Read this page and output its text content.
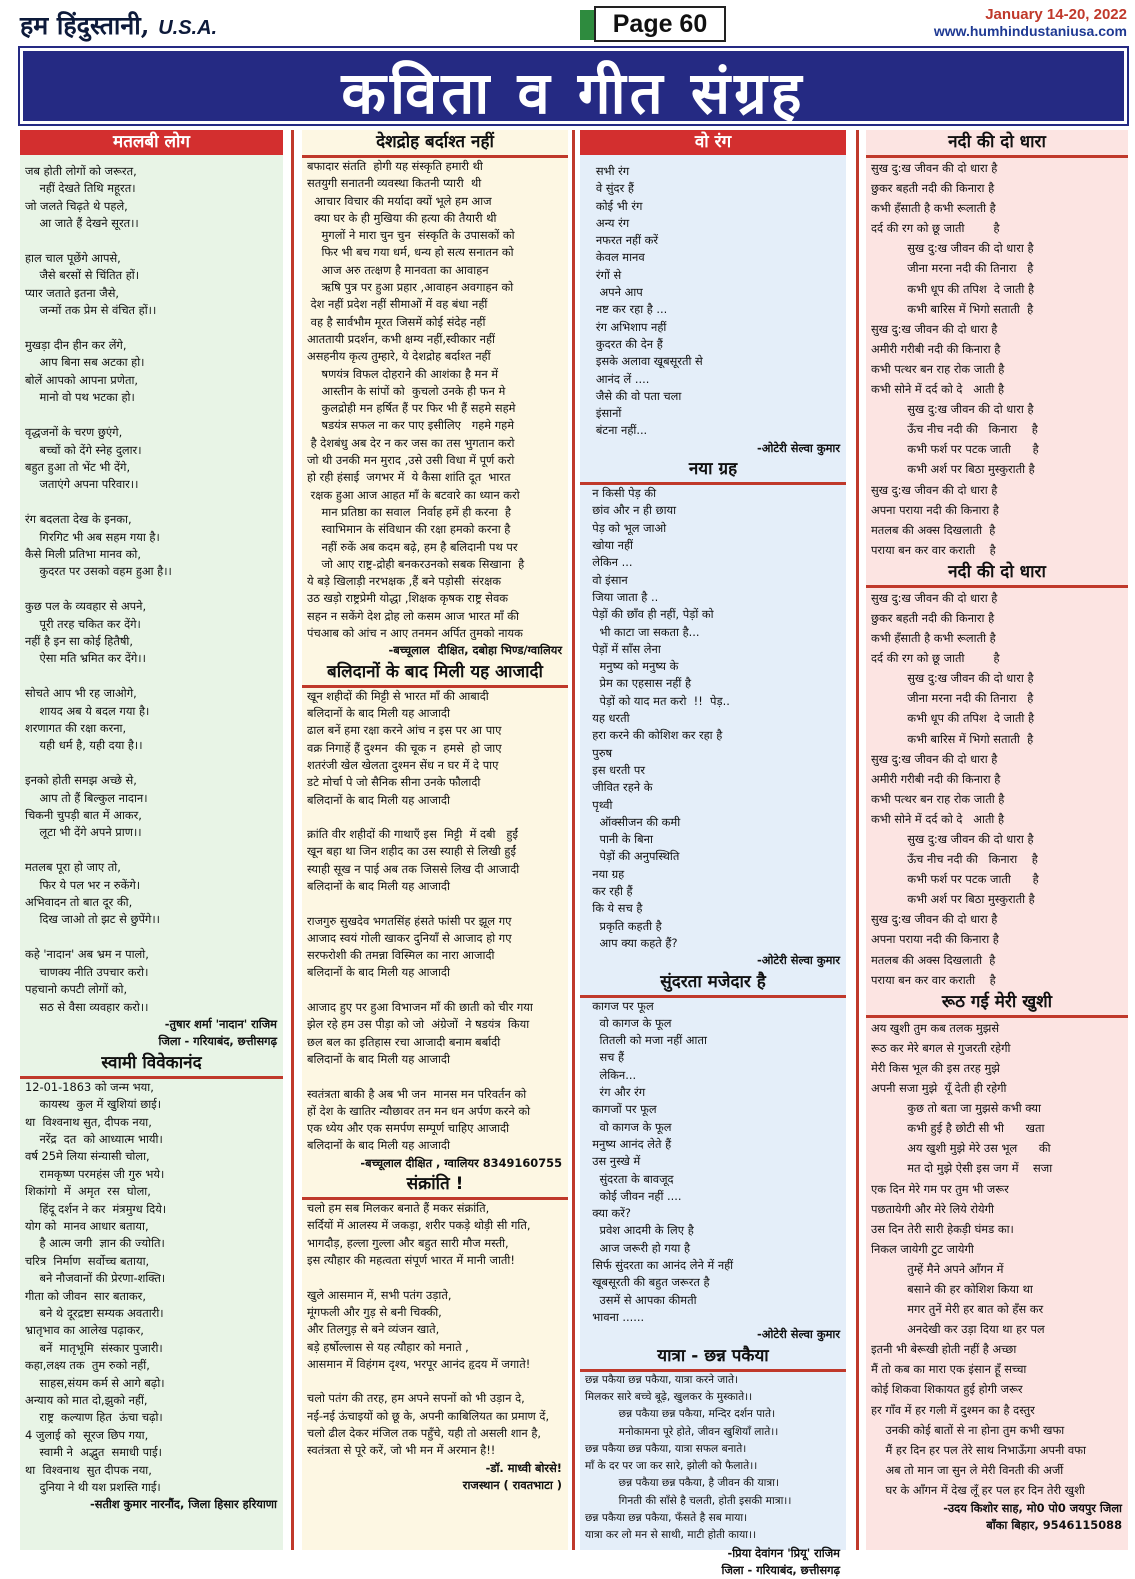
हम हिंदुस्तानी, U.S.A.	Page 60	January 14-20, 2022
www.humhindustaniusa.com
कविता व गीत संग्रह
मतलबी लोग
जब होती लोगों को जरूरत,
नहीं देखते तिथि महूरत।
जो जलते चिढ़ते थे पहले,
आ जाते हैं देखने सूरत।।

हाल चाल पूछेंगे आपसे,
जैसे बरसों से चिंतित हों।
प्यार जताते इतना जैसे,
जन्मों तक प्रेम से वंचित हों।।

मुखड़ा दीन हीन कर लेंगे,
आप बिना सब अटका हो।
बोलें आपको आपना प्रणेता,
मानो वो पथ भटका हो।

वृद्धजनों के चरण छुएंगे,
बच्चों को देंगे स्नेह दुलार।
बहुत हुआ तो भेंट भी देंगे,
जताएंगे अपना परिवार।।

रंग बदलता देख के इनका,
गिरगिट भी अब सहम गया है।
कैसे मिली प्रतिभा मानव को,
कुदरत पर उसको वहम हुआ है।।

कुछ पल के व्यवहार से अपने,
पूरी तरह चकित कर देंगे।
नहीं है इन सा कोई हितैषी,
ऐसा मति भ्रमित कर देंगे।।

सोचते आप भी रह जाओगे,
शायद अब ये बदल गया है।
शरणागत की रक्षा करना,
यही धर्म है, यही दया है।।

इनको होती समझ अच्छे से,
आप तो हैं बिल्कुल नादान।
चिकनी चुपड़ी बात में आकर,
लूटा भी देंगे अपने प्राण।।

मतलब पूरा हो जाए तो,
फिर ये पल भर न रुकेंगे।
अभिवादन तो बात दूर की,
दिख जाओ तो झट से छुपेंगे।।

कहे 'नादान' अब भ्रम न पालो,
चाणक्य नीति उपचार करो।
पहचानो कपटी लोगों को,
सठ से वैसा व्यवहार करो।।
-तुषार शर्मा 'नादान' राजिम
जिला - गरियाबंद, छत्तीसगढ़
स्वामी विवेकानंद
12-01-1863 को जन्म भया,
कायस्थ  कुल में खुशियां छाई।
था  विश्वनाथ सुत, दीपक नया,
नरेंद्र  दत  को आध्यात्म भायी।
वर्ष 25मे लिया संन्यासी चोला,
रामकृष्ण परमहंस जी गुरु भये।
शिकांगो  में  अमृत  रस  घोला,
हिंदू दर्शन ने कर  मंत्रमुग्ध दिये।
योग को  मानव आधार बताया,
है आत्म जगी  ज्ञान की ज्योति।
चरित्र  निर्माण  सर्वोच्च बताया,
बने नौजवानों की प्रेरणा-शक्ति।
गीता को जीवन  सार बताकर,
बने थे दूरद्रष्टा सम्यक अवतारी।
भ्रातृभाव का आलेख पढ़ाकर,
बनें  मातृभूमि  संस्कार पुजारी।
कहा,लक्ष्य तक  तुम रुको नहीं,
साहस,संयम कर्म से आगे बढ़ो।
अन्याय को मात दो,झुको नहीं,
राष्ट्र  कल्याण हित  ऊंचा चढ़ो।
4 जुलाई को  सूरज छिप गया,
स्वामी ने  अद्भुत  समाधी पाई।
था  विश्वनाथ  सुत दीपक नया,
दुनिया ने थी यश प्रशस्ति गाई।
-सतीश कुमार नारनौंद, जिला हिसार हरियाणा
देशद्रोह बर्दाश्त नहीं
बफादार संतति  होगी यह संस्कृति हमारी थी
सतयुगी सनातनी व्यवस्था कितनी प्यारी  थी
आचार विचार की मर्यादा क्यों भूले हम आज
क्या घर के ही मुखिया की हत्या की तैयारी थी
मुगलों ने मारा चुन चुन  संस्कृति के उपासकों को
फिर भी बच गया धर्म, धन्य हो सत्य सनातन को
आज अरु तत्क्षण है मानवता का आवाहन
ऋषि पुत्र पर हुआ प्रहार ,आवाहन अवगाहन को
देश नहीं प्रदेश नहीं सीमाओं में वह बंधा नहीं
वह है सार्वभौम मूरत जिसमें कोई संदेह नहीं
आततायी प्रदर्शन, कभी क्षम्य नहीं,स्वीकार नहीं
असहनीय कृत्य तुम्हारे, ये देशद्रोह बर्दाश्त नहीं
षणयंत्र विफल दोहराने की आशंका है मन में
आस्तीन के सांपों को  कुचलो उनके ही फन मे
कुलद्रोही मन हर्षित हैं पर फिर भी हैं सहमे सहमे
षडयंत्र सफल ना कर पाए इसीलिए   गहमे गहमे
है देशबंधु अब देर न कर जस का तस भुगतान करो
जो थी उनकी मन मुराद ,उसे उसी विधा में पूर्ण करो
हो रही हंसाई  जगभर में  ये कैसा शांति दूत  भारत
रक्षक हुआ आज आहत माँ के बटवारे का ध्यान करो
मान प्रतिष्ठा का सवाल  निर्वाह हमें ही करना  है
स्वाभिमान के संविधान की रक्षा हमको करना है
नहीं रुकें अब कदम बढ़े, हम है बलिदानी पथ पर
जो आए राष्ट्र-द्रोही बनकरउनको सबक सिखाना  है
ये बड़े खिलाड़ी नरभक्षक ,हैं बने पड़ोसी  संरक्षक
उठ खड़ो राष्ट्रप्रेमी योद्धा ,शिक्षक कृषक राष्ट्र सेवक
सहन न सकेंगे देश द्रोह लो कसम आज भारत माँ की
पंचआब को आंच न आए तनमन अर्पित तुमको नायक
-बच्चूलाल  दीक्षित, दबोहा भिण्ड/ग्वालियर
बलिदानों के बाद मिली यह आजादी
खून शहीदों की मिट्टी से भारत माँ की आबादी
बलिदानों के बाद मिली यह आजादी
ढाल बनें हमा रक्षा करने आंच न इस पर आ पाए
वक्र निगाहें हैं दुश्मन  की चूक न  हमसे  हो जाए
शतरंजी खेल खेलता दुश्मन सेंध न घर में दे पाए
डटे मोर्चा पे जो सैनिक सीना उनके फौलादी
बलिदानों के बाद मिली यह आजादी

क्रांति वीर शहीदों की गाथाएँ इस  मिट्टी  में दबी   हुईं
खून बहा था जिन शहीद का उस स्याही से लिखी हुईं
स्याही सूख न पाई अब तक जिससे लिख दी आजादी
बलिदानों के बाद मिली यह आजादी

राजगुरु सुखदेव भगतसिंह हंसते फांसी पर झूल गए
आजाद स्वयं गोली खाकर दुनियाँ से आजाद हो गए
सरफरोशी की तमन्ना विस्मिल का नारा आजादी
बलिदानों के बाद मिली यह आजादी

आजाद हुए पर हुआ विभाजन माँ की छाती को चीर गया
झेल रहे हम उस पीड़ा को जो  अंग्रेजों  ने षडयंत्र  किया
छल बल का इतिहास रचा आजादी बनाम बर्बादी
बलिदानों के बाद मिली यह आजादी

स्वतंत्रता बाकी है अब भी जन  मानस मन परिवर्तन को
हों देश के खातिर न्यौछावर तन मन धन अर्पण करने को
एक ध्येय और एक समर्पण सम्पूर्ण चाहिए आजादी
बलिदानों के बाद मिली यह आजादी
-बच्चूलाल दीक्षित , ग्वालियर 8349160755
संक्रांति !
चलो हम सब मिलकर बनाते हैं मकर संक्रांति,
सर्दियों में आलस्य में जकड़ा, शरीर पकड़े थोड़ी सी गति,
भागदौड़, हल्ला गुल्ला और बहुत सारी मौज मस्ती,
इस त्यौहार की महत्वता संपूर्ण भारत में मानी जाती!

खुले आसमान में, सभी पतंग उड़ाते,
मूंगफली और गुड़ से बनी चिक्की,
और तिलगुड़ से बने व्यंजन खाते,
बड़े हर्षोल्लास से यह त्यौहार को मनाते ,
आसमान में विहंगम दृश्य, भरपूर आनंद हृदय में जगाते!

चलो पतंग की तरह, हम अपने सपनों को भी उड़ान दे,
नई-नई ऊंचाइयों को छू के, अपनी काबिलियत का प्रमाण दें,
चलो ढील देकर मंजिल तक पहुँचे, यही तो असली शान है,
स्वतंत्रता से पूरे करें, जो भी मन में अरमान है!!
-डॉ. माध्वी बोरसे!
राजस्थान ( रावतभाटा )
वो रंग
सभी रंग
वे सुंदर हैं
कोई भी रंग
अन्य रंग
नफरत नहीं करें
केवल मानव
रंगों से
अपने आप
नष्ट कर रहा है ...
रंग अभिशाप नहीं
कुदरत की देन हैं
इसके अलावा खूबसूरती से
आनंद लें ....
जैसे की वो पता चला
इंसानों
बंटना नहीं...
-ओटेरी सेल्वा कुमार
नया ग्रह
न किसी पेड़ की
छांव और न ही छाया
पेड़ को भूल जाओ
खोया नहीं
लेकिन ...
वो इंसान
जिया जाता है ..
पेड़ों की छाँव ही नहीं, पेड़ों को
भी काटा जा सकता है...
पेड़ों में साँस लेना
मनुष्य को मनुष्य के
प्रेम का एहसास नहीं है
पेड़ों को याद मत करो  !!  पेड़..
यह धरती
हरा करने की कोशिश कर रहा है
पुरुष
इस धरती पर
जीवित रहने के
पृथ्वी
ऑक्सीजन की कमी
पानी के बिना
पेड़ों की अनुपस्थिति
नया ग्रह
कर रही हैं
कि ये सच है
प्रकृति कहती है
आप क्या कहते हैं?
-ओटेरी सेल्वा कुमार
सुंदरता मजेदार है
कागज पर फूल
वो कागज के फूल
तितली को मजा नहीं आता
सच हैं
लेकिन...
रंग और रंग
कागजों पर फूल
वो कागज के फूल
मनुष्य आनंद लेते हैं
उस नुस्खे में
सुंदरता के बावजूद
कोई जीवन नहीं ....
क्या करें?
प्रवेश आदमी के लिए है
आज जरूरी हो गया है
सिर्फ सुंदरता का आनंद लेने में नहीं
खूबसूरती की बहुत जरूरत है
उसमें से आपका कीमती
भावना ......
-ओटेरी सेल्वा कुमार
यात्रा - छन्न पकैया
छन्न पकैया छन्न पकैया, यात्रा करने जाते।
मिलकर सारे बच्चे बूढ़े, खुलकर के मुस्काते।।
छन्न पकैया छन्न पकैया, मन्दिर दर्शन पाते।
मनोकामना पूरे होते, जीवन खुशियाँ लाते।।
छन्न पकैया छन्न पकैया, यात्रा सफल बनाते।
माँ के दर पर जा कर सारे, झोली को फैलाते।।
छन्न पकैया छन्न पकैया, है जीवन की यात्रा।
गिनती की साँसे है चलती, होती इसकी मात्रा।।
छन्न पकैया छन्न पकैया, फँसते है सब माया।
यात्रा कर लो मन से साथी, माटी होती काया।।
-प्रिया देवांगन 'प्रियू' राजिम
जिला - गरियाबंद, छत्तीसगढ़
नदी की दो धारा
सुख दु:ख जीवन की दो धारा है
छुकर बहती नदी की किनारा है
कभी हँसाती है कभी रूलाती है
दर्द की रग को छू जाती        है
सुख दु:ख जीवन की दो धारा है
जीना मरना नदी की तिनारा   है
कभी धूप की तपिश  दे जाती है
कभी बारिस में भिगो सताती  है
सुख दु:ख जीवन की दो धारा है
अमीरी गरीबी नदी की किनारा है
कभी पत्थर बन राह रोक जाती है
कभी सोने में दर्द को दे   आती है
सुख दु:ख जीवन की दो धारा है
ऊँच नीच नदी की   किनारा    है
कभी फर्श पर पटक जाती      है
कभी अर्श पर बिठा मुस्कुराती है
सुख दु:ख जीवन की दो धारा है
अपना पराया नदी की किनारा है
मतलब की अक्स दिखलाती  है
पराया बन कर वार कराती    है
नदी की दो धारा
सुख दु:ख जीवन की दो धारा है
छुकर बहती नदी की किनारा है
कभी हँसाती है कभी रूलाती है
दर्द की रग को छू जाती        है
सुख दु:ख जीवन की दो धारा है
जीना मरना नदी की तिनारा   है
कभी धूप की तपिश  दे जाती है
कभी बारिस में भिगो सताती  है
सुख दु:ख जीवन की दो धारा है
अमीरी गरीबी नदी की किनारा है
कभी पत्थर बन राह रोक जाती है
कभी सोने में दर्द को दे   आती है
सुख दु:ख जीवन की दो धारा है
ऊँच नीच नदी की   किनारा    है
कभी फर्श पर पटक जाती      है
कभी अर्श पर बिठा मुस्कुराती है
सुख दु:ख जीवन की दो धारा है
अपना पराया नदी की किनारा है
मतलब की अक्स दिखलाती  है
पराया बन कर वार कराती    है
रूठ गई मेरी खुशी
अय खुशी तुम कब तलक मुझसे
रूठ कर मेरे बगल से गुजरती रहेगी
मेरी किस भूल की इस तरह मुझे
अपनी सजा मुझे  यूँ देती ही रहेगी
कुछ तो बता जा मुझसे कभी क्या
कभी हुई है छोटी सी भी      खता
अय खुशी मुझे मेरे उस भूल      की
मत दो मुझे ऐसी इस जग में    सजा
एक दिन मेरे गम पर तुम भी जरूर
पछतायेगी और मेरे लिये रोयेगी
उस दिन तेरी सारी हेकड़ी घंमड का।
निकल जायेगी टुट जायेगी
तुम्हें मैने अपने आँगन में
बसाने की हर कोशिश किया था
मगर तुनें मेरी हर बात को हँस कर
अनदेखी कर उड़ा दिया था हर पल
इतनी भी बेरूखी होती नहीं है अच्छा
मैं तो कब का मारा एक इंसान हूँ सच्चा
कोई शिकवा शिकायत हुई होगी जरूर
हर गाँव में हर गली में दुश्मन का है दस्तुर
उनकी कोई बातों से ना होना तुम कभी खफा
मैं हर दिन हर पल तेरे साथ निभाऊँगा अपनी वफा
अब तो मान जा सुन ले मेरी विनती की अर्जी
घर के आँगन में देख लूँ हर पल हर दिन तेरी खुशी
-उदय किशोर साह, मो0 पो0 जयपुर जिला
बाँका बिहार, 9546115088
